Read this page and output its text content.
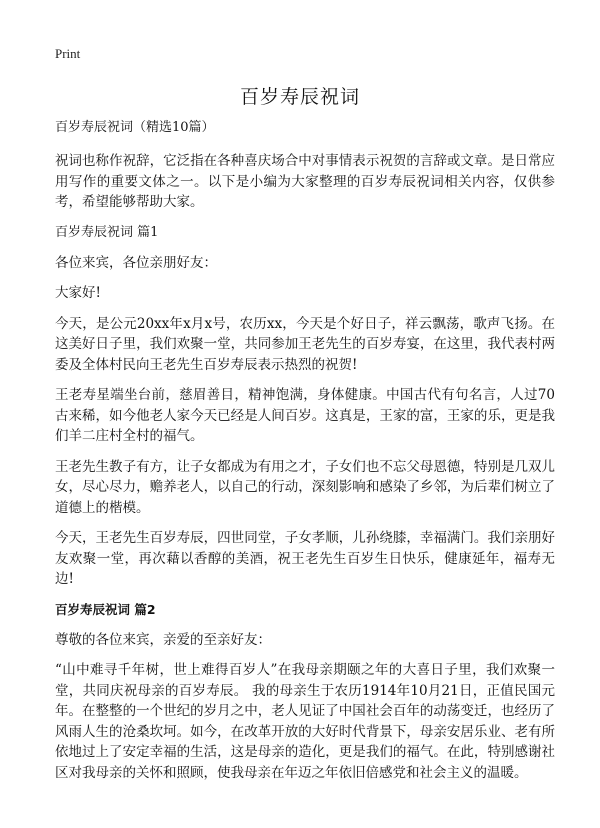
Print
百岁寿辰祝词

百岁寿辰祝词（精选10篇）

祝词也称作祝辞，它泛指在各种喜庆场合中对事情表示祝贺的言辞或文章。是日常应用写作的重要文体之一。以下是小编为大家整理的百岁寿辰祝词相关内容，仅供参考，希望能够帮助大家。

百岁寿辰祝词 篇1

各位来宾，各位亲朋好友：

大家好!

今天，是公元20xx年x月x号，农历xx，今天是个好日子，祥云飘荡，歌声飞扬。在这美好日子里，我们欢聚一堂，共同参加王老先生的百岁寿宴，在这里，我代表村两委及全体村民向王老先生百岁寿辰表示热烈的祝贺!

王老寿星端坐台前，慈眉善目，精神饱满，身体健康。中国古代有句名言，人过70古来稀，如今他老人家今天已经是人间百岁。这真是，王家的富，王家的乐，更是我们羊二庄村全村的福气。

王老先生教子有方，让子女都成为有用之才，子女们也不忘父母恩德，特别是几双儿女，尽心尽力，赡养老人，以自己的行动，深刻影响和感染了乡邻，为后辈们树立了道德上的楷模。

今天，王老先生百岁寿辰，四世同堂，子女孝顺，儿孙绕膝，幸福满门。我们亲朋好友欢聚一堂，再次藉以香醇的美酒，祝王老先生百岁生日快乐，健康延年，福寿无边!

百岁寿辰祝词 篇2

尊敬的各位来宾，亲爱的至亲好友：

“山中难寻千年树，世上难得百岁人”在我母亲期颐之年的大喜日子里，我们欢聚一堂，共同庆祝母亲的百岁寿辰。 我的母亲生于农历1914年10月21日，正值民国元年。在整整的一个世纪的岁月之中，老人见证了中国社会百年的动荡变迁，也经历了风雨人生的沧桑坎坷。如今，在改革开放的大好时代背景下，母亲安居乐业、老有所依地过上了安定幸福的生活，这是母亲的造化，更是我们的福气。在此，特别感谢社区对我母亲的关怀和照顾，使我母亲在年迈之年依旧倍感党和社会主义的温暖。
